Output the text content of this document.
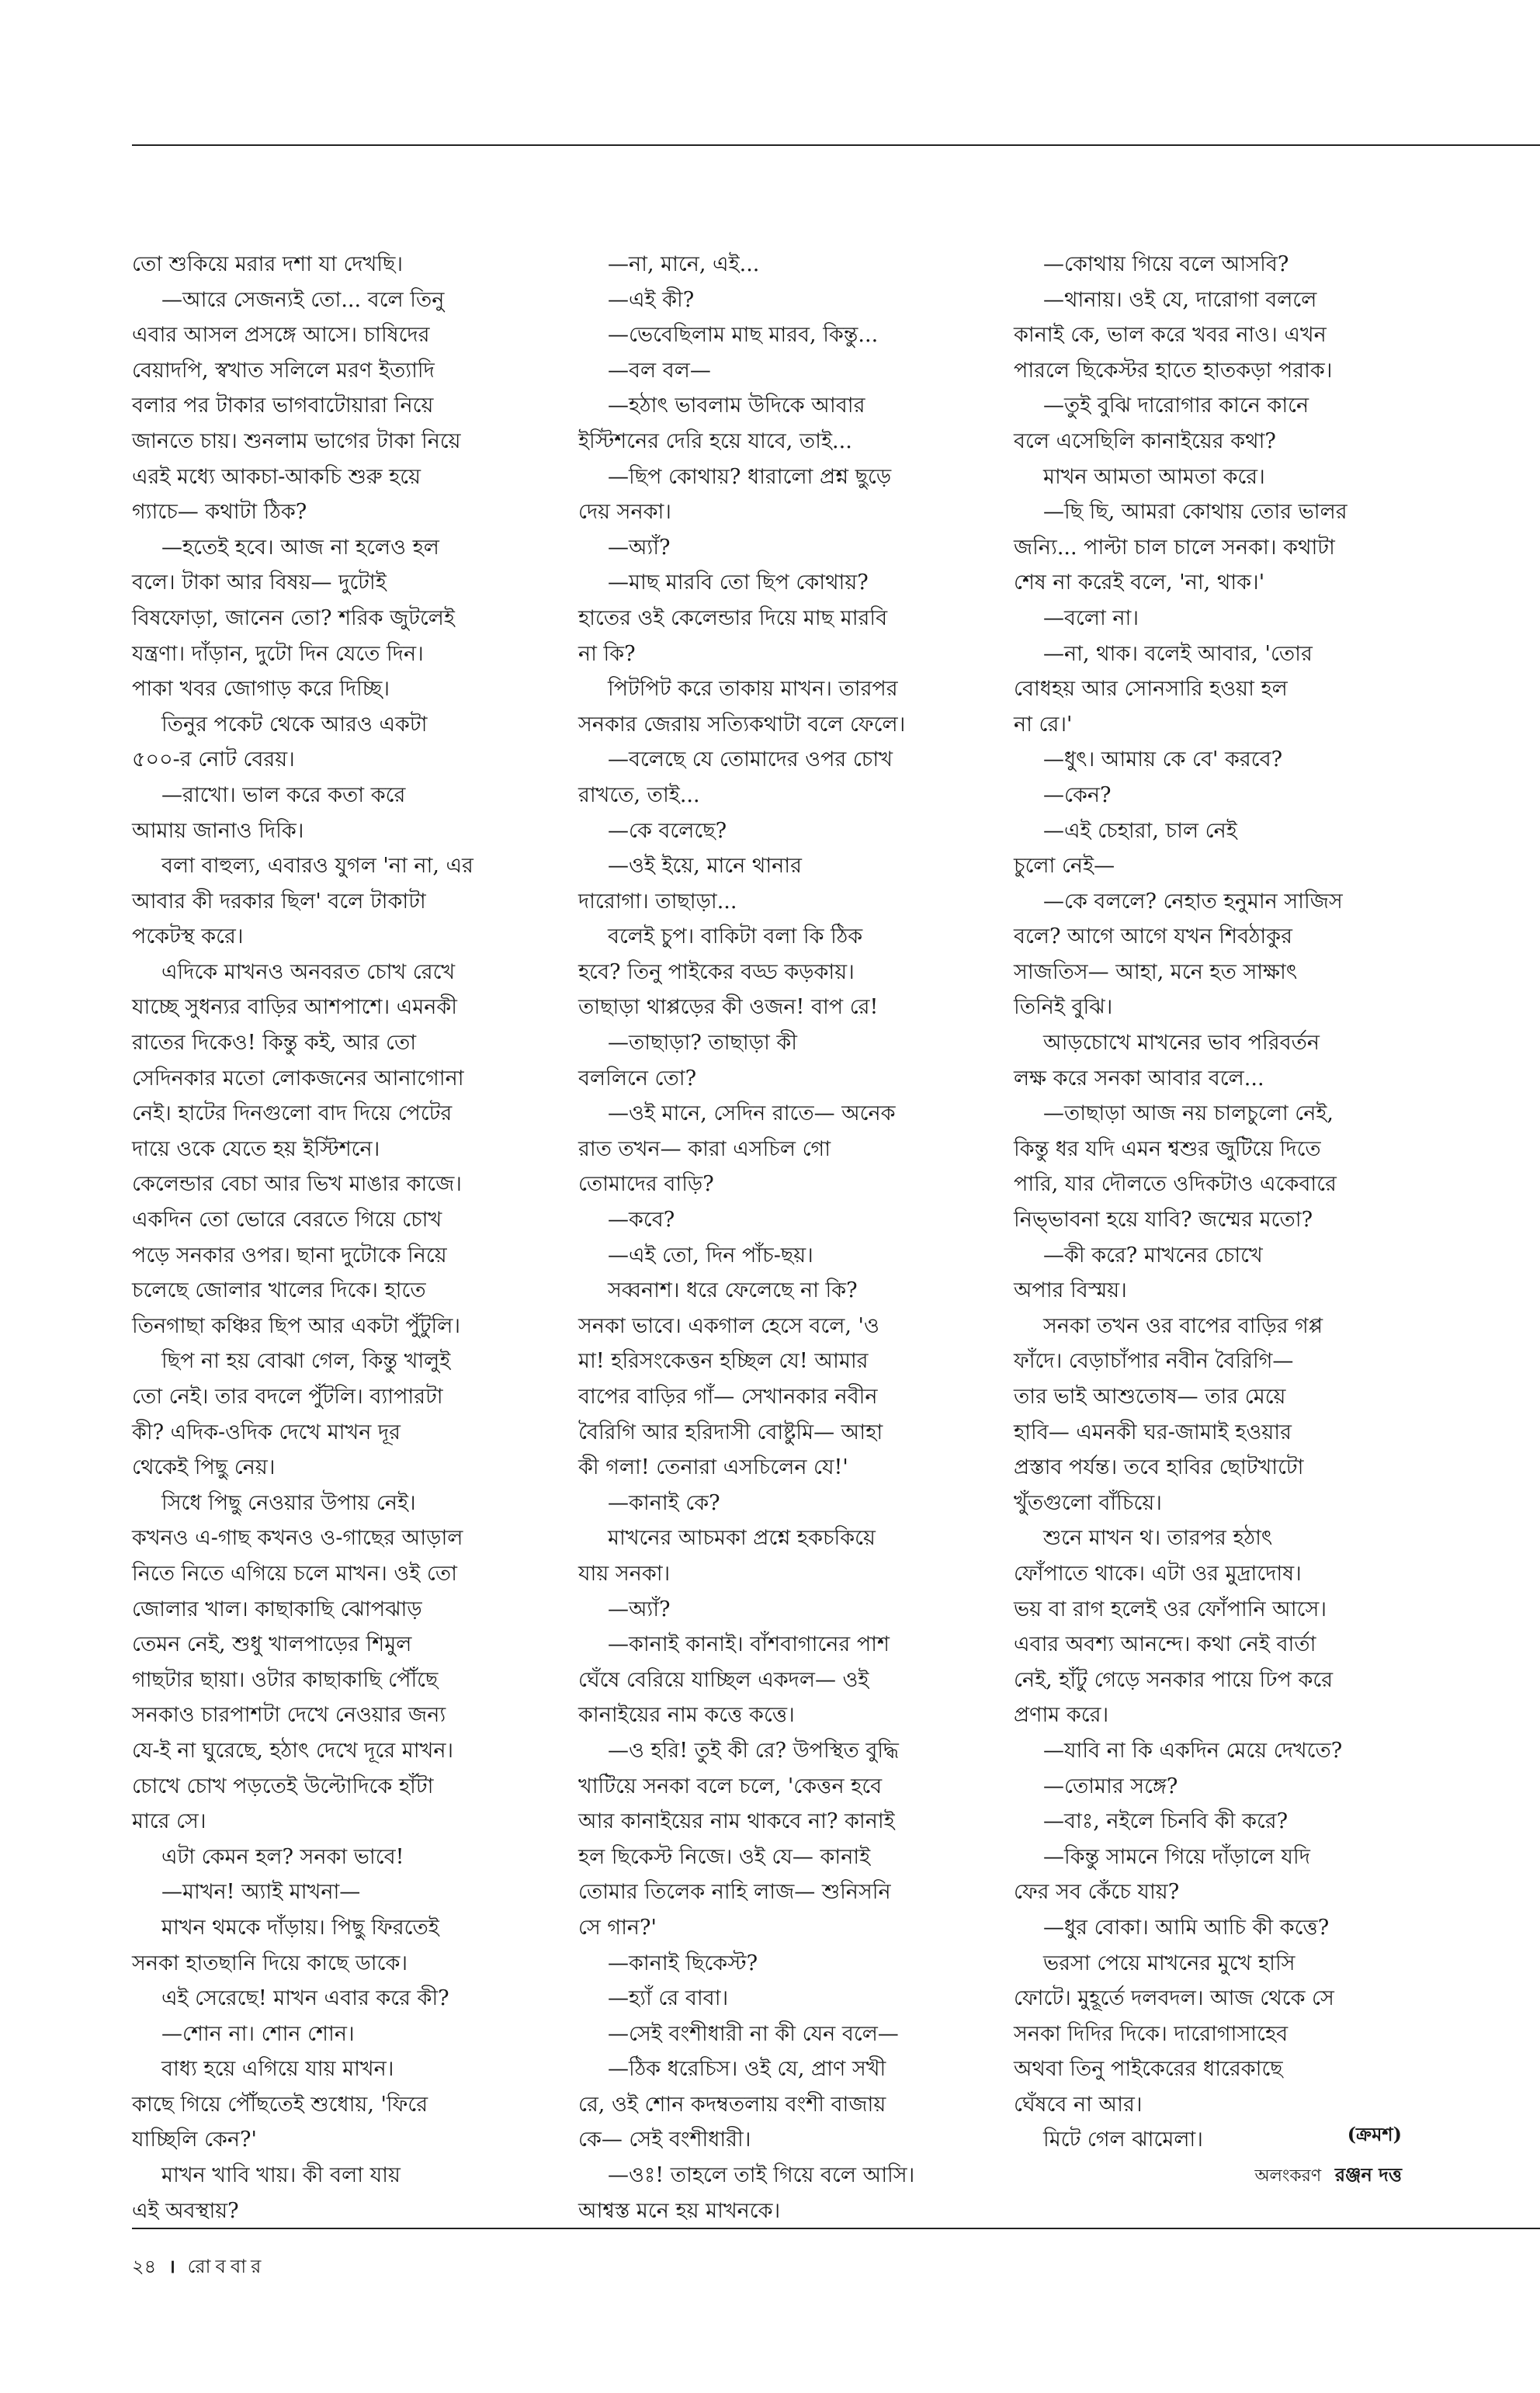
তো শুকিয়ে মরার দশা যা দেখছি।
—আরে সেজন্যই তো... বলে তিনু
এবার আসল প্রসঙ্গে আসে। চাষিদের
বেয়াদপি, স্বখাত সলিলে মরণ ইত্যাদি
বলার পর টাকার ভাগবাটোয়ারা নিয়ে
জানতে চায়। শুনলাম ভাগের টাকা নিয়ে
এরই মধ্যে আকচা-আকচি শুরু হয়ে
গ্যাচে— কথাটা ঠিক?
—হতেই হবে। আজ না হলেও হল
বলে। টাকা আর বিষয়— দুটোই
বিষফোড়া, জানেন তো? শরিক জুটলেই
যন্ত্রণা। দাঁড়ান, দুটো দিন যেতে দিন।
পাকা খবর জোগাড় করে দিচ্ছি।
তিনুর পকেট থেকে আরও একটা
৫০০-র নোট বেরয়।
—রাখো। ভাল করে কতা করে
আমায় জানাও দিকি।
বলা বাহুল্য, এবারও যুগল 'না না, এর
আবার কী দরকার ছিল' বলে টাকাটা
পকেটস্থ করে।
এদিকে মাখনও অনবরত চোখ রেখে
যাচ্ছে সুধন্যর বাড়ির আশপাশে। এমনকী
রাতের দিকেও! কিন্তু কই, আর তো
সেদিনকার মতো লোকজনের আনাগোনা
নেই। হাটের দিনগুলো বাদ দিয়ে পেটের
দায়ে ওকে যেতে হয় ইস্টিশনে।
কেলেন্ডার বেচা আর ভিখ মাঙার কাজে।
একদিন তো ভোরে বেরতে গিয়ে চোখ
পড়ে সনকার ওপর। ছানা দুটোকে নিয়ে
চলেছে জোলার খালের দিকে। হাতে
তিনগাছা কঞ্চির ছিপ আর একটা পুঁটুলি।
ছিপ না হয় বোঝা গেল, কিন্তু খালুই
তো নেই। তার বদলে পুঁটলি। ব্যাপারটা
কী? এদিক-ওদিক দেখে মাখন দূর
থেকেই পিছু নেয়।
সিধে পিছু নেওয়ার উপায় নেই।
কখনও এ-গাছ কখনও ও-গাছের আড়াল
নিতে নিতে এগিয়ে চলে মাখন। ওই তো
জোলার খাল। কাছাকাছি ঝোপঝাড়
তেমন নেই, শুধু খালপাড়ের শিমুল
গাছটার ছায়া। ওটার কাছাকাছি পৌঁছে
সনকাও চারপাশটা দেখে নেওয়ার জন্য
যে-ই না ঘুরেছে, হঠাৎ দেখে দূরে মাখন।
চোখে চোখ পড়তেই উল্টোদিকে হাঁটা
মারে সে।
এটা কেমন হল? সনকা ভাবে!
—মাখন! অ্যাই মাখনা—
মাখন থমকে দাঁড়ায়। পিছু ফিরতেই
সনকা হাতছানি দিয়ে কাছে ডাকে।
এই সেরেছে! মাখন এবার করে কী?
—শোন না। শোন শোন।
বাধ্য হয়ে এগিয়ে যায় মাখন।
কাছে গিয়ে পৌঁছতেই শুধোয়, 'ফিরে
যাচ্ছিলি কেন?'
মাখন খাবি খায়। কী বলা যায়
এই অবস্থায়?
—না, মানে, এই...
—এই কী?
—ভেবেছিলাম মাছ মারব, কিন্তু...
—বল বল—
—হঠাৎ ভাবলাম উদিকে আবার
ইস্টিশনের দেরি হয়ে যাবে, তাই...
—ছিপ কোথায়? ধারালো প্রশ্ন ছুড়ে
দেয় সনকা।
—অ্যাঁ?
—মাছ মারবি তো ছিপ কোথায়?
হাতের ওই কেলেন্ডার দিয়ে মাছ মারবি
না কি?
পিটপিট করে তাকায় মাখন। তারপর
সনকার জেরায় সত্যিকথাটা বলে ফেলে।
—বলেছে যে তোমাদের ওপর চোখ
রাখতে, তাই...
—কে বলেছে?
—ওই ইয়ে, মানে থানার
দারোগা। তাছাড়া...
বলেই চুপ। বাকিটা বলা কি ঠিক
হবে? তিনু পাইকের বড্ড কড়কায়।
তাছাড়া থাপ্পড়ের কী ওজন! বাপ রে!
—তাছাড়া? তাছাড়া কী
বললিনে তো?
—ওই মানে, সেদিন রাতে— অনেক
রাত তখন— কারা এসচিল গো
তোমাদের বাড়ি?
—কবে?
—এই তো, দিন পাঁচ-ছয়।
সব্বনাশ। ধরে ফেলেছে না কি?
সনকা ভাবে। একগাল হেসে বলে, 'ও
মা! হরিসংকেত্তন হচ্ছিল যে! আমার
বাপের বাড়ির গাঁ— সেখানকার নবীন
বৈরিগি আর হরিদাসী বোষ্টুমি— আহা
কী গলা! তেনারা এসচিলেন যে!'
—কানাই কে?
মাখনের আচমকা প্রশ্নে হকচকিয়ে
যায় সনকা।
—অ্যাঁ?
—কানাই কানাই। বাঁশবাগানের পাশ
ঘেঁষে বেরিয়ে যাচ্ছিল একদল— ওই
কানাইয়ের নাম কত্তে কত্তে।
—ও হরি! তুই কী রে? উপস্থিত বুদ্ধি
খাটিয়ে সনকা বলে চলে, 'কেত্তন হবে
আর কানাইয়ের নাম থাকবে না? কানাই
হল ছিকেস্ট নিজে। ওই যে— কানাই
তোমার তিলেক নাহি লাজ— শুনিসনি
সে গান?'
—কানাই ছিকেস্ট?
—হ্যাঁ রে বাবা।
—সেই বংশীধারী না কী যেন বলে—
—ঠিক ধরেচিস। ওই যে, প্রাণ সখী
রে, ওই শোন কদম্বতলায় বংশী বাজায়
কে— সেই বংশীধারী।
—ওঃ! তাহলে তাই গিয়ে বলে আসি।
আশ্বস্ত মনে হয় মাখনকে।
—কোথায় গিয়ে বলে আসবি?
—থানায়। ওই যে, দারোগা বললে
কানাই কে, ভাল করে খবর নাও। এখন
পারলে ছিকেস্টর হাতে হাতকড়া পরাক।
—তুই বুঝি দারোগার কানে কানে
বলে এসেছিলি কানাইয়ের কথা?
মাখন আমতা আমতা করে।
—ছি ছি, আমরা কোথায় তোর ভালর
জন্যি... পাল্টা চাল চালে সনকা। কথাটা
শেষ না করেই বলে, 'না, থাক।'
—বলো না।
—না, থাক। বলেই আবার, 'তোর
বোধহয় আর সোনসারি হওয়া হল
না রে।'
—ধুৎ। আমায় কে বে' করবে?
—কেন?
—এই চেহারা, চাল নেই
চুলো নেই—
—কে বললে? নেহাত হনুমান সাজিস
বলে? আগে আগে যখন শিবঠাকুর
সাজতিস— আহা, মনে হত সাক্ষাৎ
তিনিই বুঝি।
আড়চোখে মাখনের ভাব পরিবর্তন
লক্ষ করে সনকা আবার বলে...
—তাছাড়া আজ নয় চালচুলো নেই,
কিন্তু ধর যদি এমন শ্বশুর জুটিয়ে দিতে
পারি, যার দৌলতে ওদিকটাও একেবারে
নিভ্ভাবনা হয়ে যাবি? জম্মের মতো?
—কী করে? মাখনের চোখে
অপার বিস্ময়।
সনকা তখন ওর বাপের বাড়ির গপ্প
ফাঁদে। বেড়াচাঁপার নবীন বৈরিগি—
তার ভাই আশুতোষ— তার মেয়ে
হাবি— এমনকী ঘর-জামাই হওয়ার
প্রস্তাব পর্যন্ত। তবে হাবির ছোটখাটো
খুঁতগুলো বাঁচিয়ে।
শুনে মাখন থ। তারপর হঠাৎ
ফোঁপাতে থাকে। এটা ওর মুদ্রাদোষ।
ভয় বা রাগ হলেই ওর ফোঁপানি আসে।
এবার অবশ্য আনন্দে। কথা নেই বার্তা
নেই, হাঁটু গেড়ে সনকার পায়ে ঢিপ করে
প্রণাম করে।
—যাবি না কি একদিন মেয়ে দেখতে?
—তোমার সঙ্গে?
—বাঃ, নইলে চিনবি কী করে?
—কিন্তু সামনে গিয়ে দাঁড়ালে যদি
ফের সব কেঁচে যায়?
—ধুর বোকা। আমি আচি কী কত্তে?
ভরসা পেয়ে মাখনের মুখে হাসি
ফোটে। মুহূর্তে দলবদল। আজ থেকে সে
সনকা দিদির দিকে। দারোগাসাহেব
অথবা তিনু পাইকেরের ধারেকাছে
ঘেঁষবে না আর।
মিটে গেল ঝামেলা।	(ক্রমশ)
অলংকরণ রঞ্জন দত্ত
২৪ । রোববার
